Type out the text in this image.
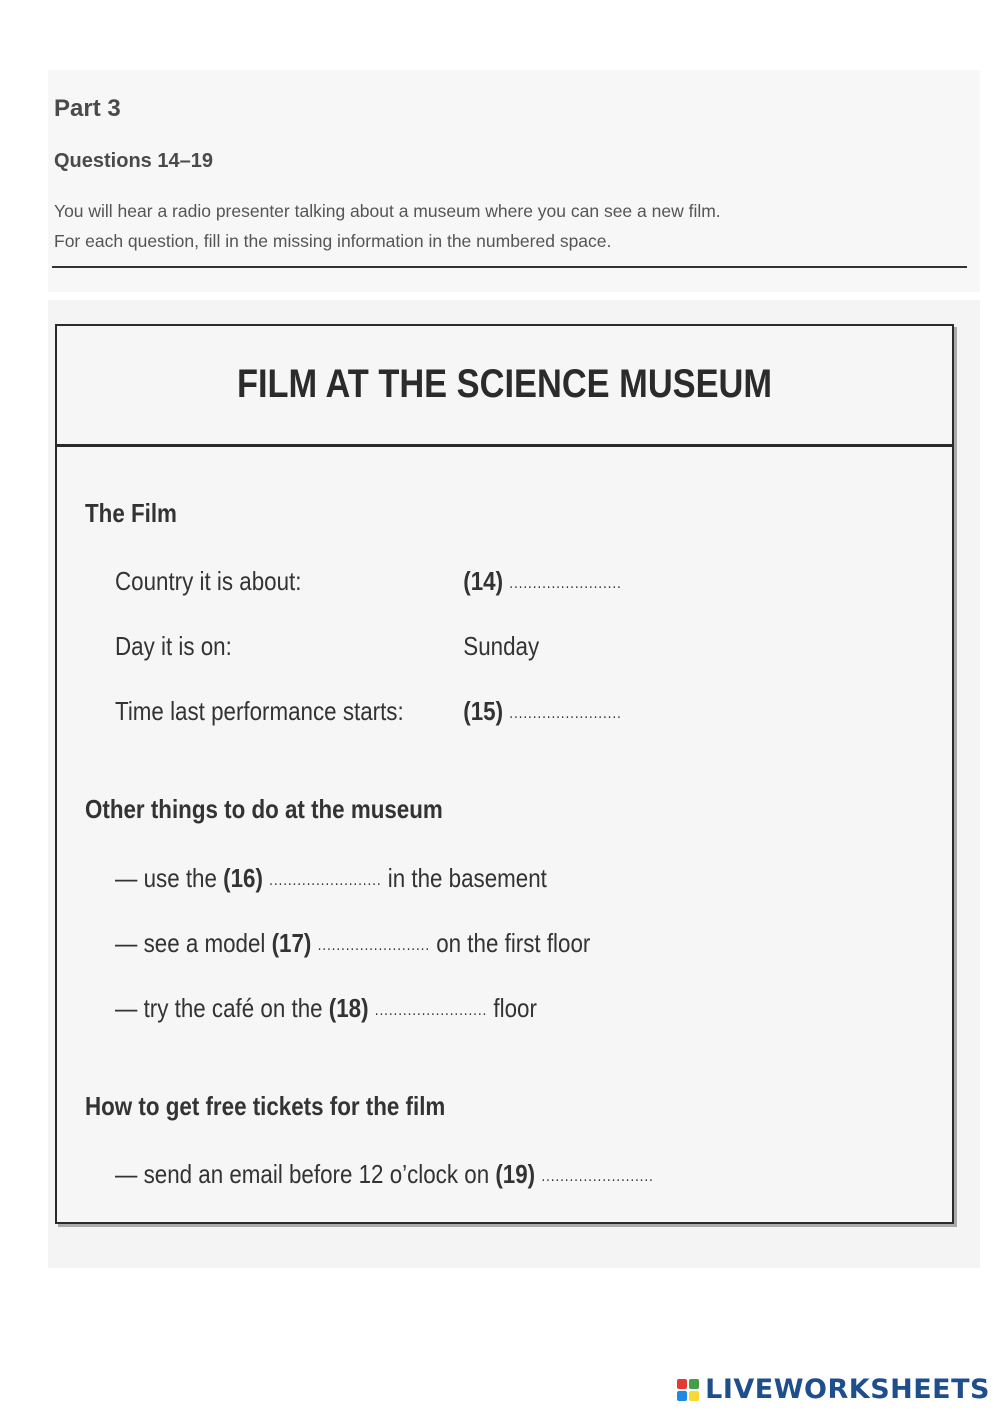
Part 3
Questions 14–19

You will hear a radio presenter talking about a museum where you can see a new film.

For each question, fill in the missing information in the numbered space.

FILM AT THE SCIENCE MUSEUM
The Film

Country it is about:	(14) ........................

Day it is on:	Sunday

Time last performance starts: (15) ........................

Other things to do at the museum

— use the (16) ........................ in the basement

— see a model (17) ........................ on the first floor

— try the café on the (18) ........................ floor

How to get free tickets for the film

— send an email before 12 o’clock on (19) ........................

LIVEWORKSHEETS
